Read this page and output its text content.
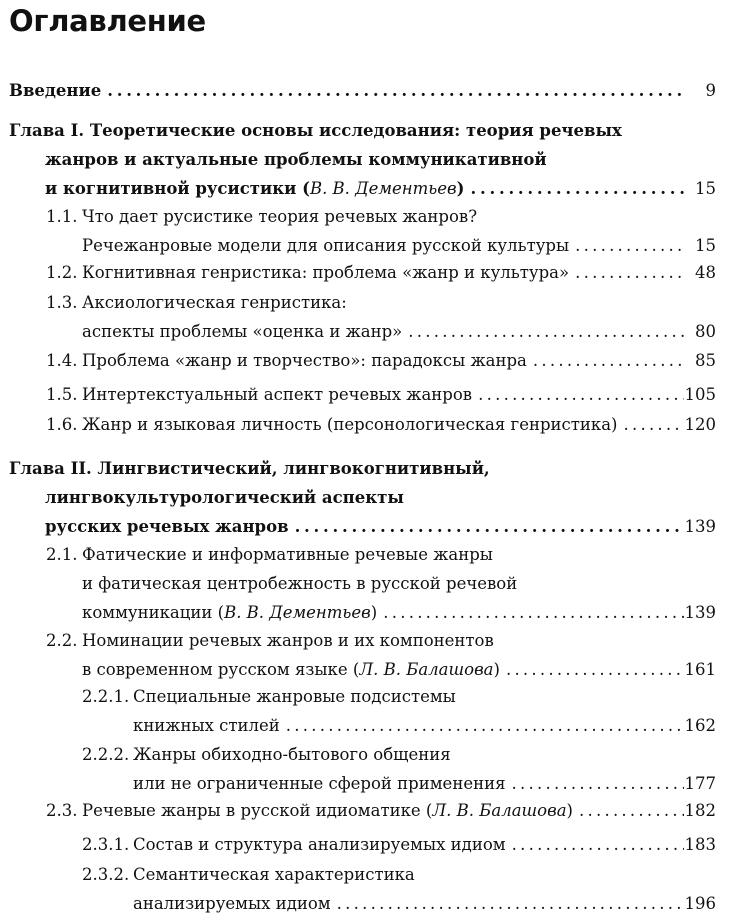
Оглавление
Введение . . .	9
Глава I. Теоретические основы исследования: теория речевых
жанров и актуальные проблемы коммуникативной
и когнитивной русистики (В. В. Дементьев) . . .	15
1.1. Что дает русистике теория речевых жанров?
Речежанровые модели для описания русской культуры . . .	15
1.2. Когнитивная генристика: проблема «жанр и культура» . . .	48
1.3. Аксиологическая генристика:
аспекты проблемы «оценка и жанр» . . .	80
1.4. Проблема «жанр и творчество»: парадоксы жанра . . .	85
1.5. Интертекстуальный аспект речевых жанров . . .	105
1.6. Жанр и языковая личность (персонологическая генристика) . . .	120
Глава II. Лингвистический, лингвокогнитивный,
лингвокультурологический аспекты
русских речевых жанров . . .	139
2.1. Фатические и информативные речевые жанры
и фатическая центробежность в русской речевой
коммуникации (В. В. Дементьев) . . .	139
2.2. Номинации речевых жанров и их компонентов
в современном русском языке (Л. В. Балашова) . . .	161
2.2.1. Специальные жанровые подсистемы
книжных стилей . . .	162
2.2.2. Жанры обиходно-бытового общения
или не ограниченные сферой применения . . .	177
2.3. Речевые жанры в русской идиоматике (Л. В. Балашова) . . .	182
2.3.1. Состав и структура анализируемых идиом . . .	183
2.3.2. Семантическая характеристика
анализируемых идиом . . .	196
